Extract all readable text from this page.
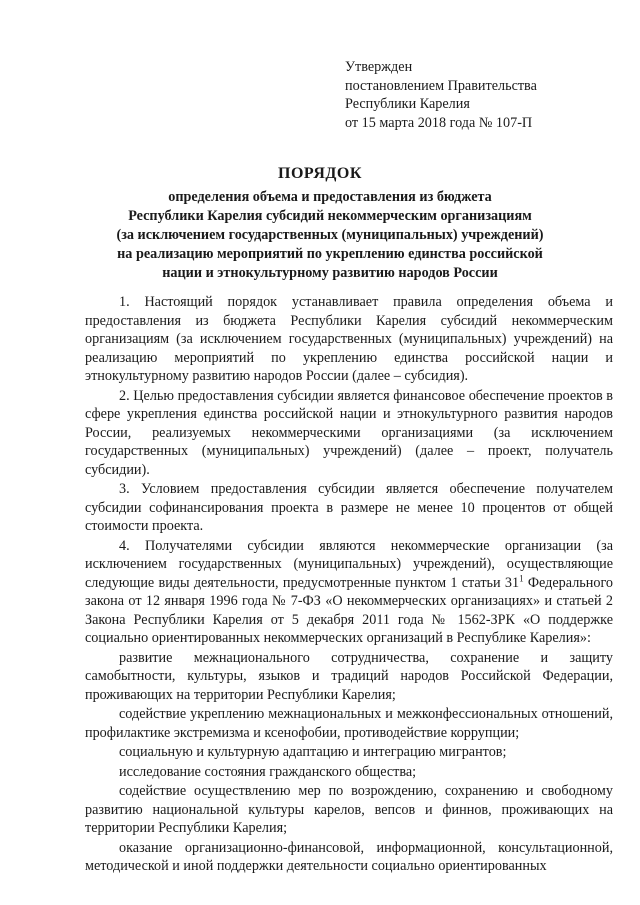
Утвержден
постановлением Правительства
Республики Карелия
от 15 марта 2018 года № 107-П
ПОРЯДОК
определения объема и предоставления из бюджета
Республики Карелия субсидий некоммерческим организациям
(за исключением государственных (муниципальных) учреждений)
на реализацию мероприятий по укреплению единства российской
нации и этнокультурному развитию народов России

1. Настоящий порядок устанавливает правила определения объема и предоставления из бюджета Республики Карелия субсидий некоммерческим организациям (за исключением государственных (муниципальных) учреждений) на реализацию мероприятий по укреплению единства российской нации и этнокультурному развитию народов России (далее – субсидия).

2. Целью предоставления субсидии является финансовое обеспечение проектов в сфере укрепления единства российской нации и этнокультурного развития народов России, реализуемых некоммерческими организациями (за исключением государственных (муниципальных) учреждений) (далее – проект, получатель субсидии).

3. Условием предоставления субсидии является обеспечение получателем субсидии софинансирования проекта в размере не менее 10 процентов от общей стоимости проекта.

4. Получателями субсидии являются некоммерческие организации (за исключением государственных (муниципальных) учреждений), осуществляющие следующие виды деятельности, предусмотренные пунктом 1 статьи $31^1$ Федерального закона от 12 января 1996 года № 7-ФЗ «О некоммерческих организациях» и статьей 2 Закона Республики Карелия от 5 декабря 2011 года № 1562-ЗРК «О поддержке социально ориентированных некоммерческих организаций в Республике Карелия»:

развитие межнационального сотрудничества, сохранение и защиту самобытности, культуры, языков и традиций народов Российской Федерации, проживающих на территории Республики Карелия;

содействие укреплению межнациональных и межконфессиональных отношений, профилактике экстремизма и ксенофобии, противодействие коррупции;

социальную и культурную адаптацию и интеграцию мигрантов;

исследование состояния гражданского общества;

содействие осуществлению мер по возрождению, сохранению и свободному развитию национальной культуры карелов, вепсов и финнов, проживающих на территории Республики Карелия;

оказание организационно-финансовой, информационной, консультационной, методической и иной поддержки деятельности социально ориентированных
